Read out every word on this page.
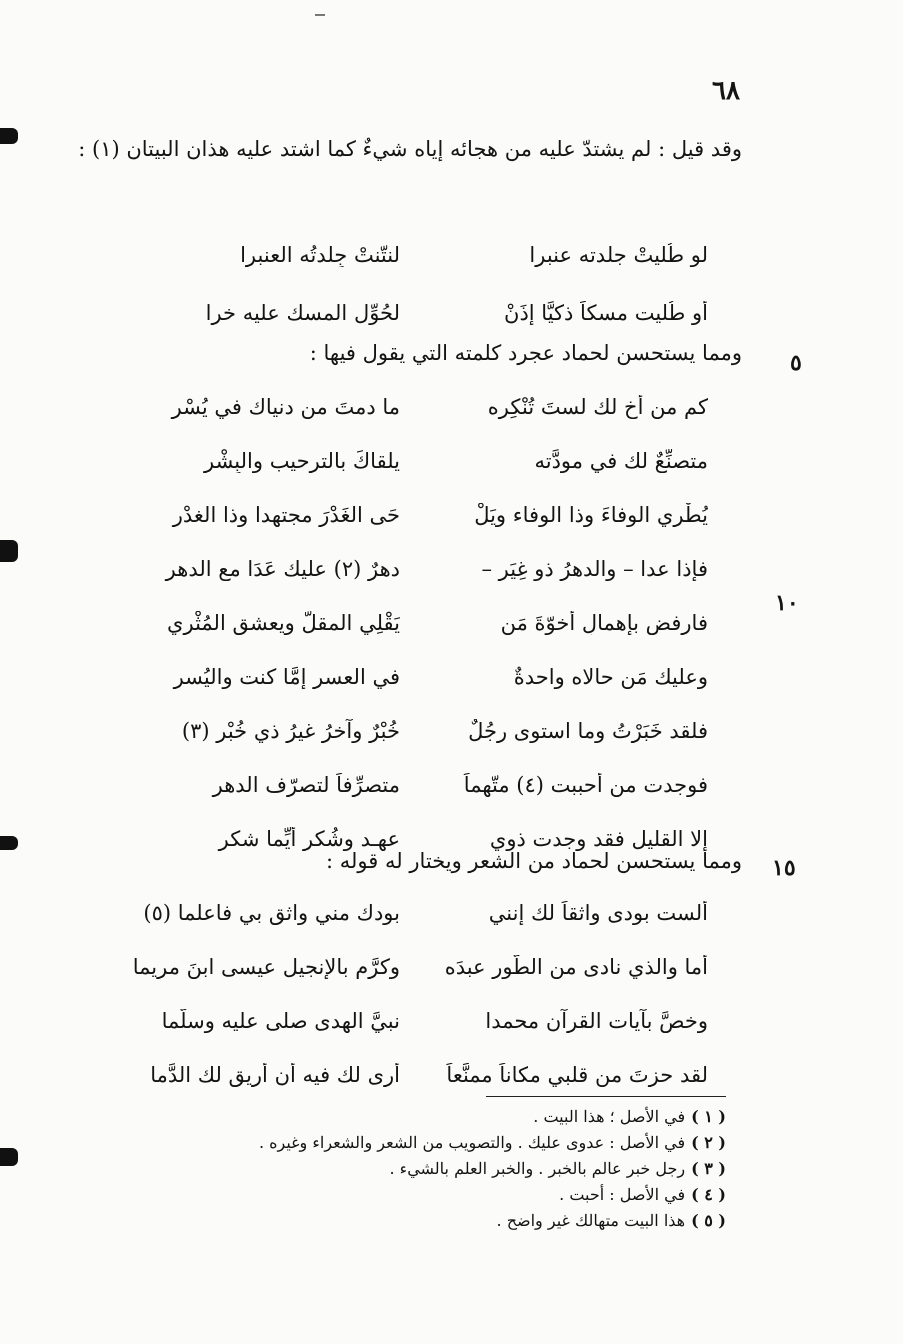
٦٨
وقد قيل : لم يشتدّ عليه من هجائه إياه شيءٌ كما اشتد عليه هذان البيتان (١) :
لو طُليتْ جلدته عنبرا
لنتّنتْ جِلدتُه العنبرا
أو طُليت مسكاً ذكيًّا إذَنْ
لحُوِّل المسك عليه خرا
٥
ومما يستحسن لحماد عجرد كلمته التي يقول فيها :
كم من أخٍ لك لستَ تُنْكِره
ما دمتَ من دنياك في يُسْرِ
متصنِّعٌ لك في مودَّته
يلقاكَ بالترحيب والبِشْرِ
يُطْرِي الوفاءَ وذا الوفاء ويَلْ
حَى الغَدْرَ مجتهدا وذا الغدْرِ
فإذا عدا – والدهرُ ذو غِيَرٍ –
دهرٌ (٢) عليك عَدَا مع الدهرِ
فارفض بإهمالٍ أُخوّةَ مَن
يَقْلِي المقلَّ ويعشق المُثْرِي
وعليك مَن حالاه واحدةٌ
في العسر إمَّا كنت واليُسرِ
فلقد خَبَرْتُ وما استوى رجُلٌ
خُبْرٌ وآخرُ غيرُ ذي خُبْرِ (٣)
فوجدت من أحببت (٤) متّهماً
متصرِّفاً لتصرّف الدهرِ
إلا القليل فقد وجدت ذوي
عهـد وشُكر أيِّما شكرِ
١٠
١٥
ومما يستحسن لحماد من الشعر ويختار له قوله :
ألست بودى واثقاً لك إنني
بودك مني واثق بي فاعلما (٥)
أما والذي نادى من الطُّور عبدَه
وكرَّم بالإنجيل عيسى ابنَ مريما
وخصَّ بآيات القرآن محمدا
نبيَّ الهدى صلى عليه وسلَّما
لقد حزتَ من قلبي مكاناً ممنَّعاً
أرى لك فيه أن أريق لك الدَّما
( ١ )في الأصل ؛ هذا البيت .
( ٢ )في الأصل : عدوى عليك . والتصويب من الشعر والشعراء وغيره .
( ٣ )رجل خبر عالم بالخبر . والخبر العلم بالشيء .
( ٤ )في الأصل : أحبت .
( ٥ )هذا البيت متهالك غير واضح .
